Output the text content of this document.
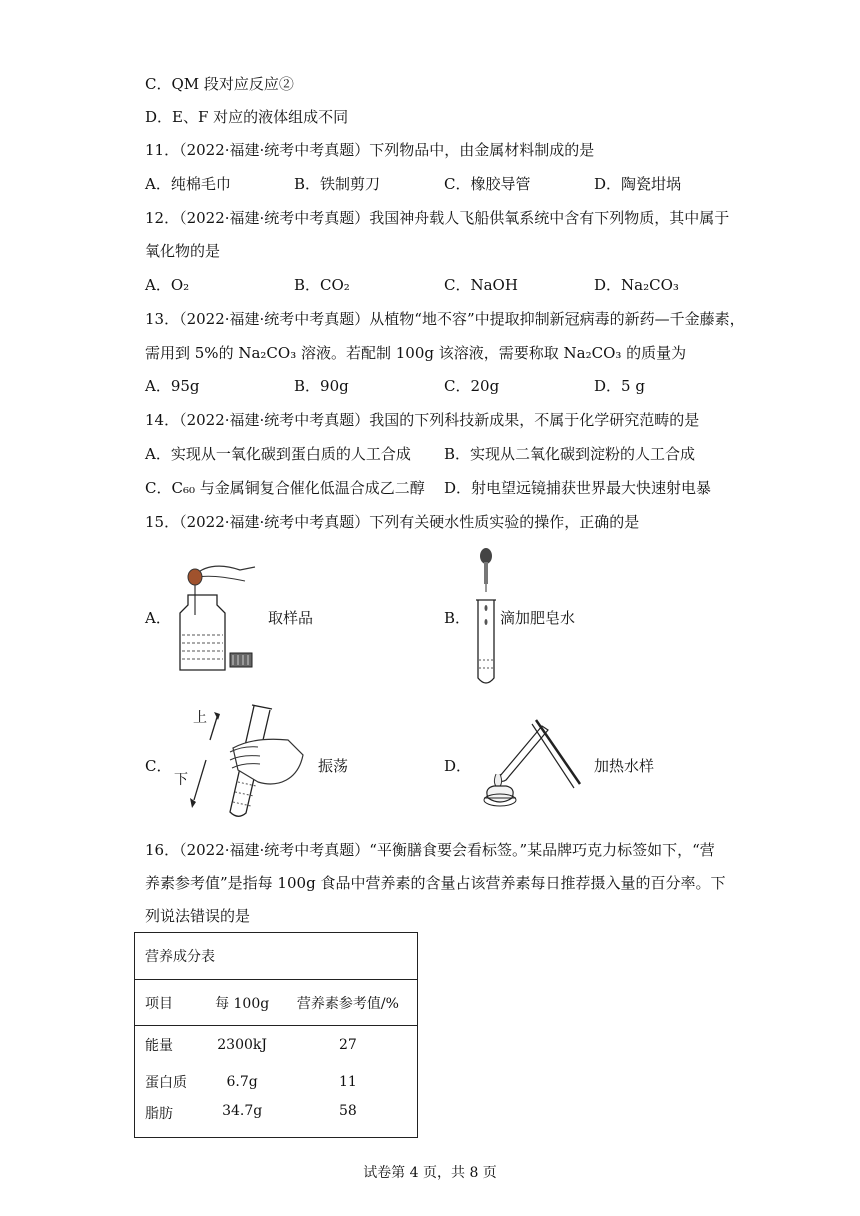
C．QM 段对应反应②
D．E、F 对应的液体组成不同
11．（2022·福建·统考中考真题）下列物品中，由金属材料制成的是
A．纯棉毛巾	B．铁制剪刀	C．橡胶导管	D．陶瓷坩埚
12．（2022·福建·统考中考真题）我国神舟载人飞船供氧系统中含有下列物质，其中属于
氧化物的是
A．O₂	B．CO₂	C．NaOH	D．Na₂CO₃
13．（2022·福建·统考中考真题）从植物“地不容”中提取抑制新冠病毒的新药—千金藤素，
需用到 5%的 Na₂CO₃ 溶液。若配制 100g 该溶液，需要称取 Na₂CO₃ 的质量为
A．95g	B．90g	C．20g	D．5 g
14．（2022·福建·统考中考真题）我国的下列科技新成果，不属于化学研究范畴的是
A．实现从一氧化碳到蛋白质的人工合成 B．实现从二氧化碳到淀粉的人工合成
C．C₆₀ 与金属铜复合催化低温合成乙二醇 D．射电望远镜捕获世界最大快速射电暴
15．（2022·福建·统考中考真题）下列有关硬水性质实验的操作，正确的是
A．	取样品	B． 滴加肥皂水
C．
上
下
振荡	D．	加热水样
16．（2022·福建·统考中考真题）“平衡膳食要会看标签。”某品牌巧克力标签如下，“营
养素参考值”是指每 100g 食品中营养素的含量占该营养素每日推荐摄入量的百分率。下
列说法错误的是
营养成分表		
项目	每 100g	营养素参考值/%
能量	2300kJ	27
蛋白质	6.7g	11
脂肪	34.7g	58
试卷第 4 页，共 8 页
